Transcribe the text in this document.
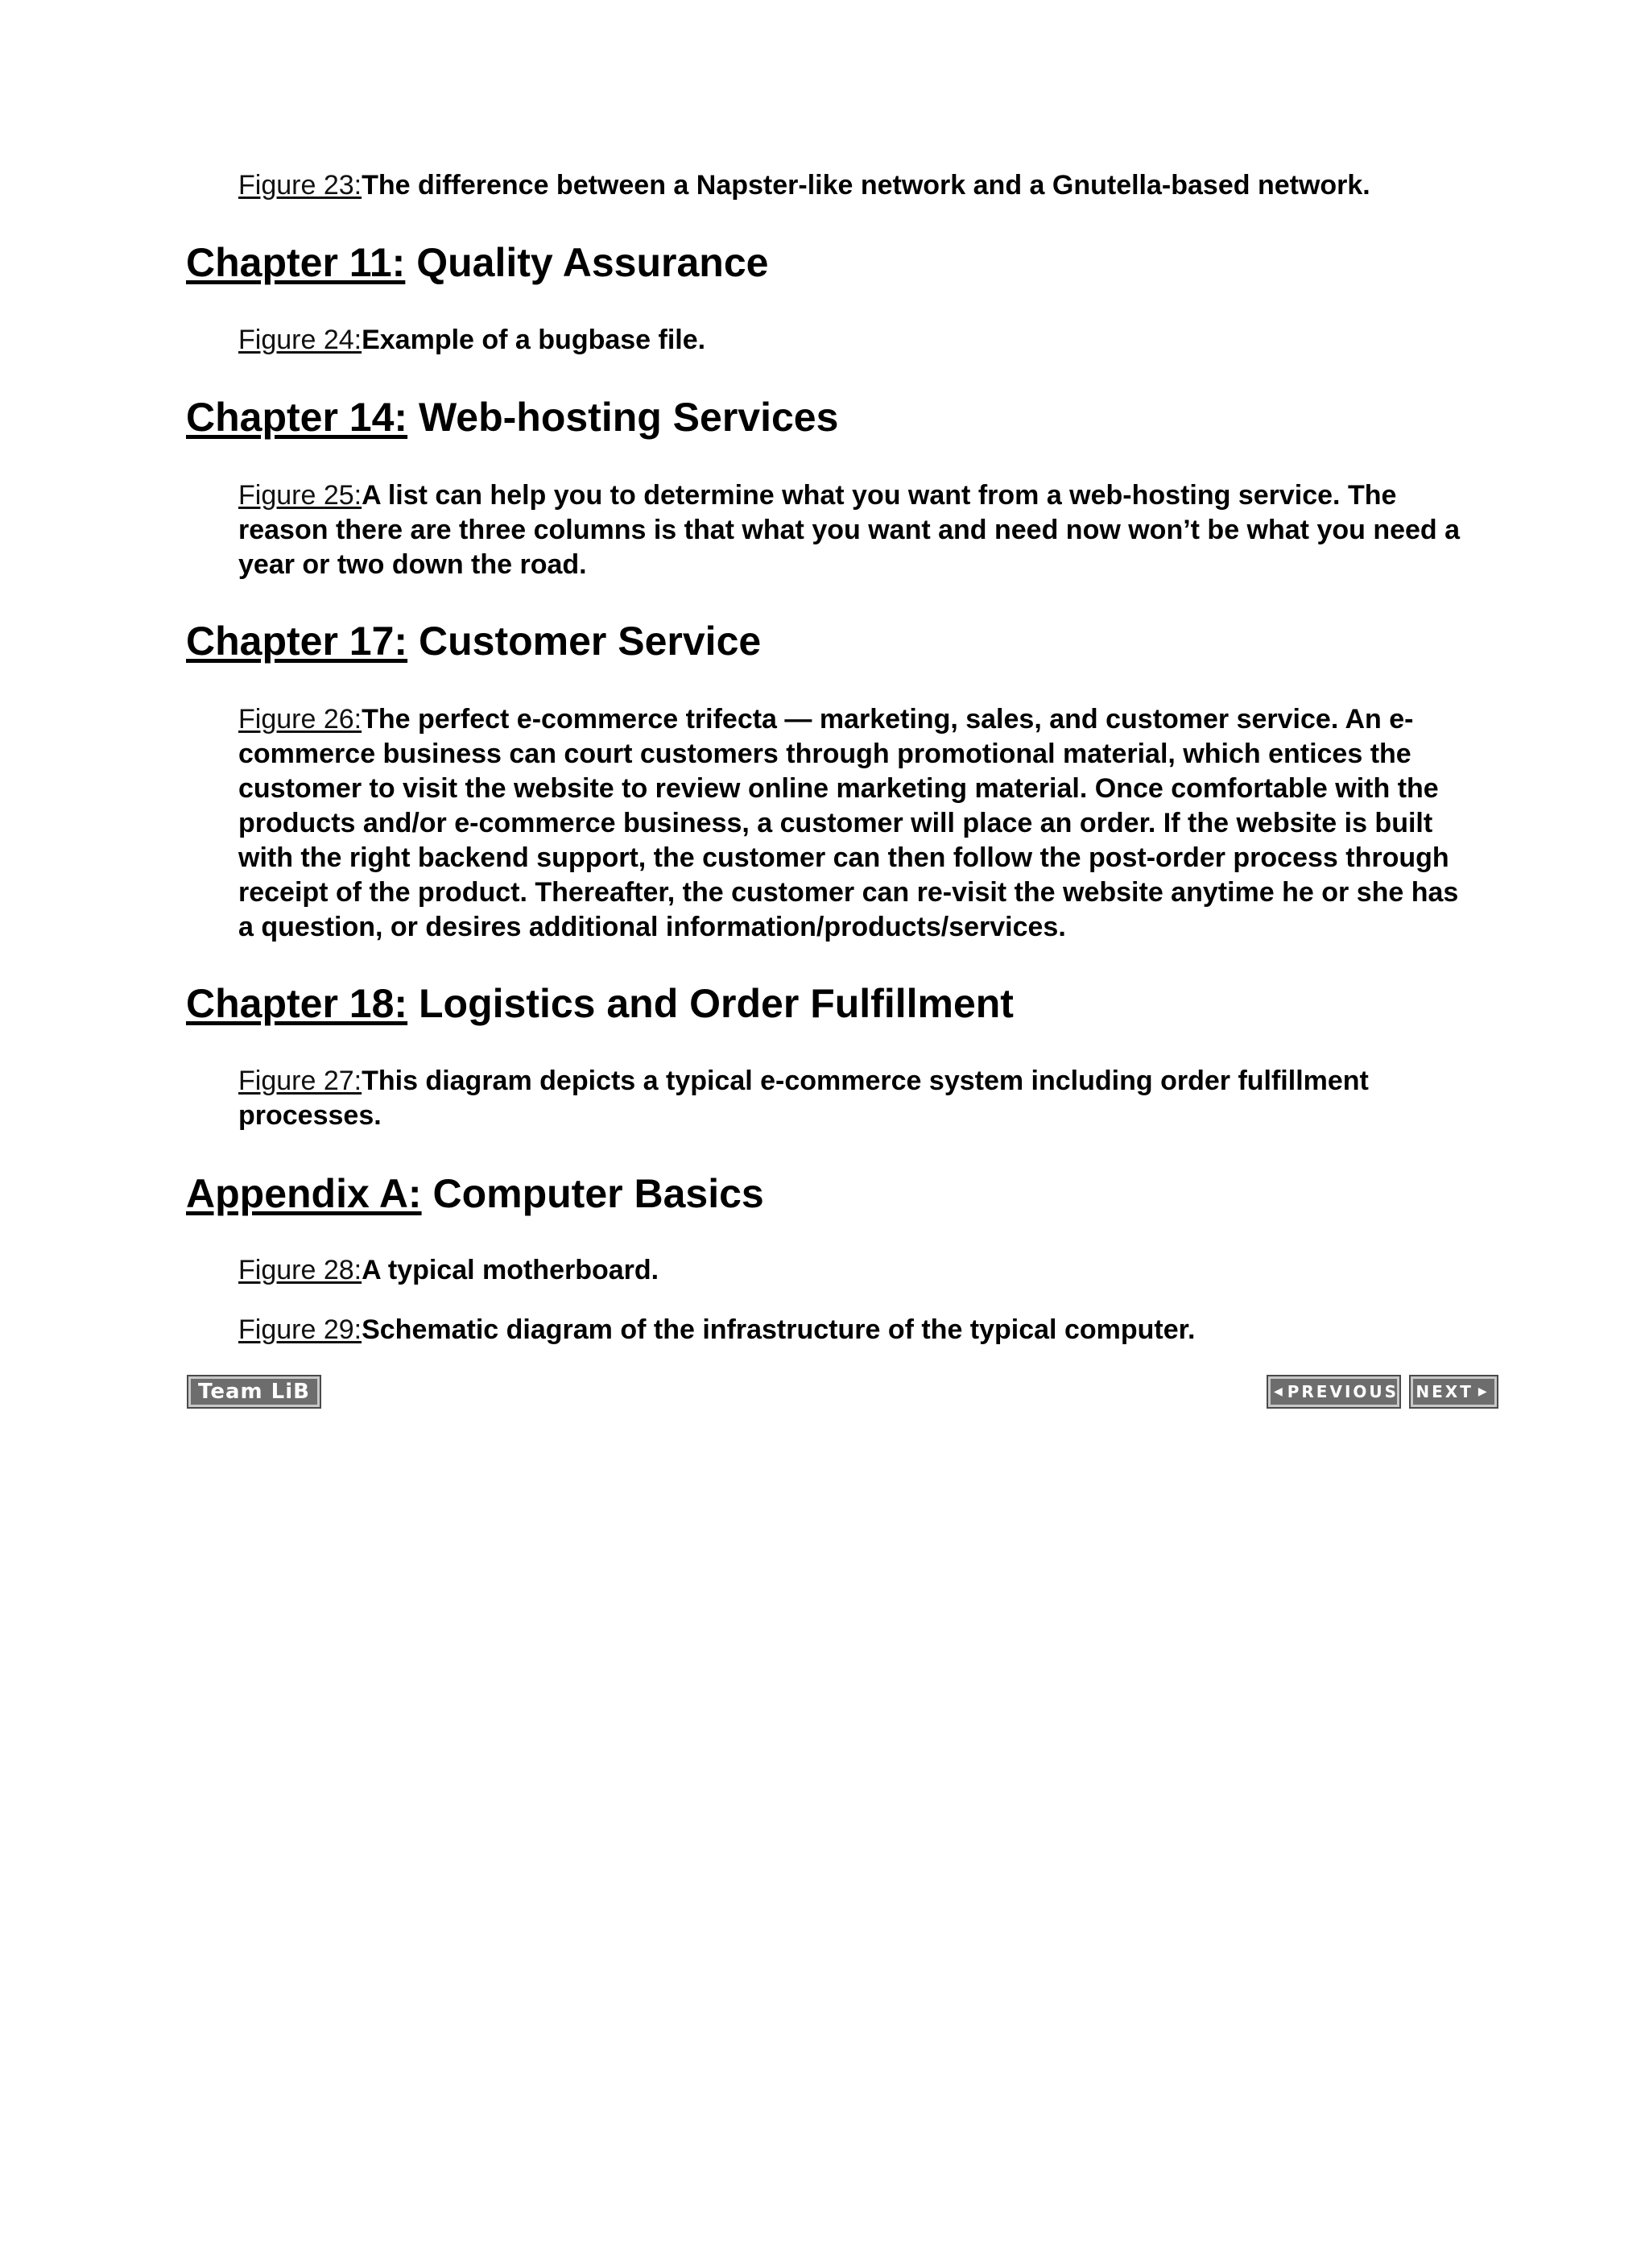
Figure 23:The difference between a Napster-like network and a Gnutella-based network.
Chapter 11: Quality Assurance
Figure 24:Example of a bugbase file.
Chapter 14: Web-hosting Services
Figure 25:A list can help you to determine what you want from a web-hosting service. The reason there are three columns is that what you want and need now won’t be what you need a year or two down the road.
Chapter 17: Customer Service
Figure 26:The perfect e-commerce trifecta — marketing, sales, and customer service. An e-commerce business can court customers through promotional material, which entices the customer to visit the website to review online marketing material. Once comfortable with the products and/or e-commerce business, a customer will place an order. If the website is built with the right backend support, the customer can then follow the post-order process through receipt of the product. Thereafter, the customer can re-visit the website anytime he or she has a question, or desires additional information/products/services.
Chapter 18: Logistics and Order Fulfillment
Figure 27:This diagram depicts a typical e-commerce system including order fulfillment processes.
Appendix A: Computer Basics
Figure 28:A typical motherboard.
Figure 29:Schematic diagram of the infrastructure of the typical computer.
Team LiB	◀ PREVIOUS NEXT ▶
